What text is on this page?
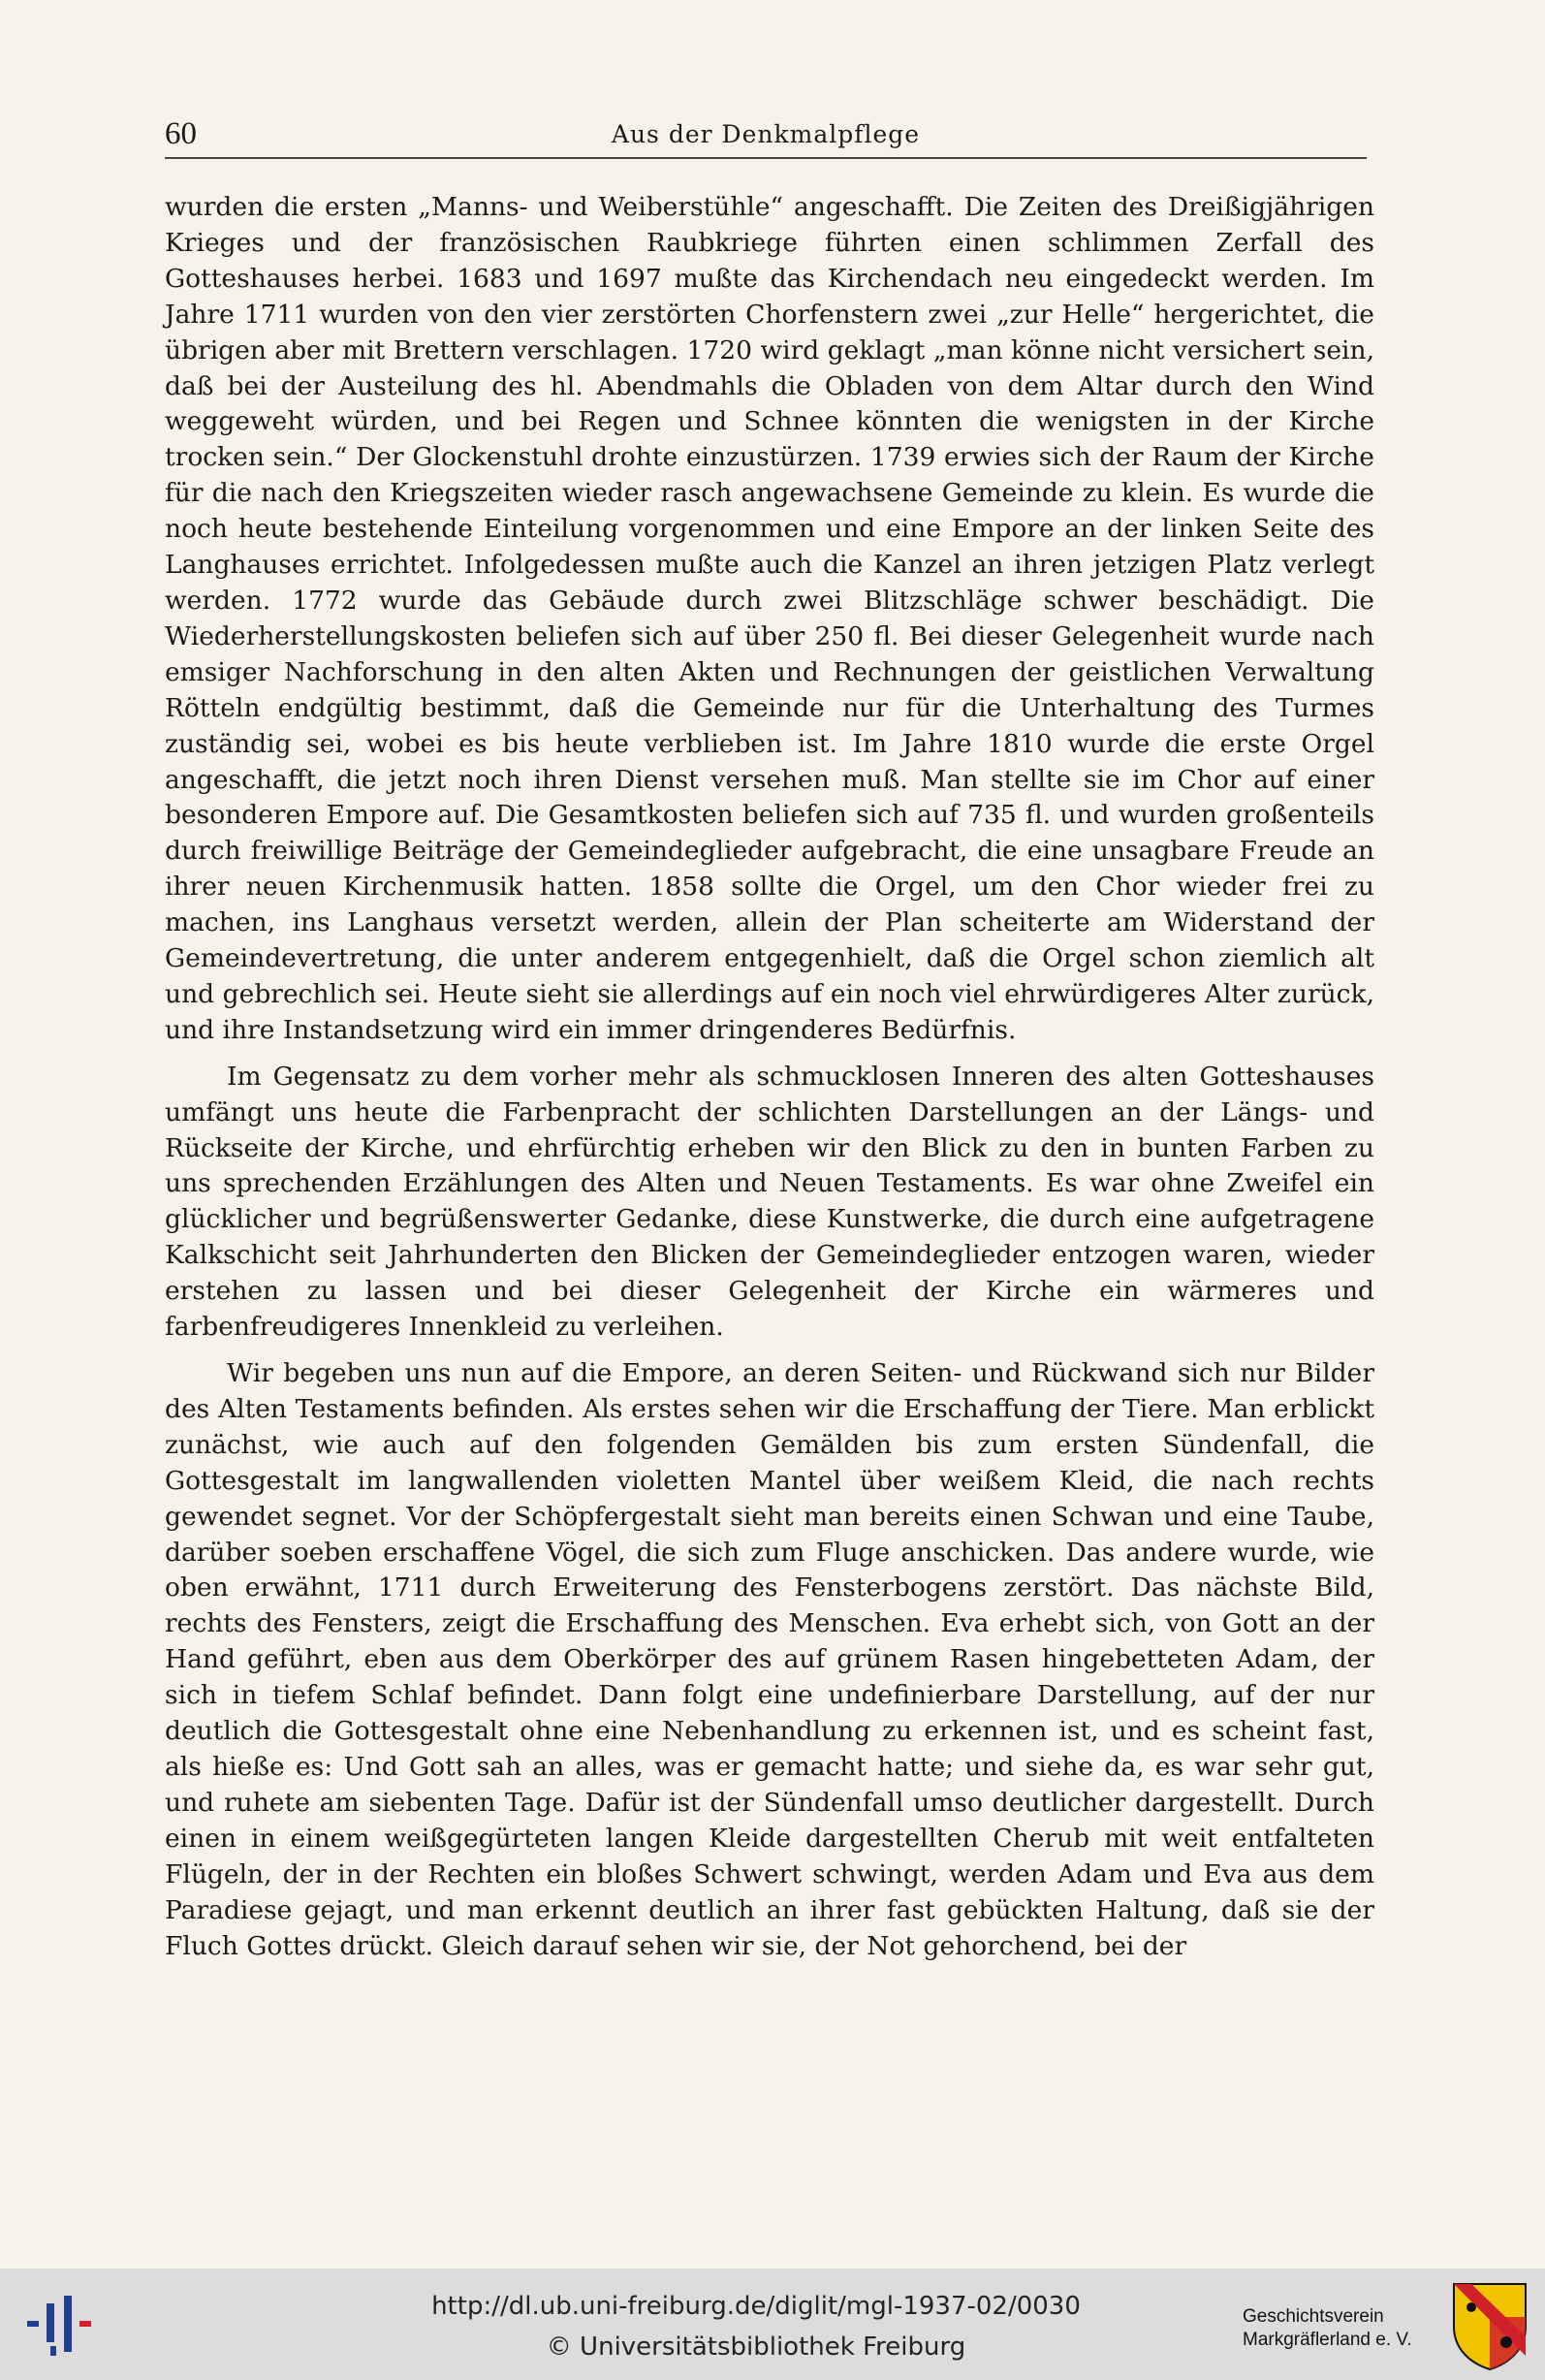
60	Aus der Denkmalpflege

wurden die ersten „Manns- und Weiberstühle“ angeschafft. Die Zeiten des Dreißigjährigen Krieges und der französischen Raubkriege führten einen schlimmen Zerfall des Gotteshauses herbei. 1683 und 1697 mußte das Kirchendach neu eingedeckt werden. Im Jahre 1711 wurden von den vier zerstörten Chorfenstern zwei „zur Helle“ hergerichtet, die übrigen aber mit Brettern verschlagen. 1720 wird geklagt „man könne nicht versichert sein, daß bei der Austeilung des hl. Abendmahls die Obladen von dem Altar durch den Wind weggeweht würden, und bei Regen und Schnee könnten die wenigsten in der Kirche trocken sein.“ Der Glockenstuhl drohte einzustürzen. 1739 erwies sich der Raum der Kirche für die nach den Kriegszeiten wieder rasch angewachsene Gemeinde zu klein. Es wurde die noch heute bestehende Einteilung vorgenommen und eine Empore an der linken Seite des Langhauses errichtet. Infolgedessen mußte auch die Kanzel an ihren jetzigen Platz verlegt werden. 1772 wurde das Gebäude durch zwei Blitzschläge schwer beschädigt. Die Wiederherstellungskosten beliefen sich auf über 250 fl. Bei dieser Gelegenheit wurde nach emsiger Nachforschung in den alten Akten und Rechnungen der geistlichen Verwaltung Rötteln endgültig bestimmt, daß die Gemeinde nur für die Unterhaltung des Turmes zuständig sei, wobei es bis heute verblieben ist. Im Jahre 1810 wurde die erste Orgel angeschafft, die jetzt noch ihren Dienst versehen muß. Man stellte sie im Chor auf einer besonderen Empore auf. Die Gesamtkosten beliefen sich auf 735 fl. und wurden großenteils durch freiwillige Beiträge der Gemeindeglieder aufgebracht, die eine unsagbare Freude an ihrer neuen Kirchenmusik hatten. 1858 sollte die Orgel, um den Chor wieder frei zu machen, ins Langhaus versetzt werden, allein der Plan scheiterte am Widerstand der Gemeindevertretung, die unter anderem entgegenhielt, daß die Orgel schon ziemlich alt und gebrechlich sei. Heute sieht sie allerdings auf ein noch viel ehrwürdigeres Alter zurück, und ihre Instandsetzung wird ein immer dringenderes Bedürfnis.

Im Gegensatz zu dem vorher mehr als schmucklosen Inneren des alten Gotteshauses umfängt uns heute die Farbenpracht der schlichten Darstellungen an der Längs- und Rückseite der Kirche, und ehrfürchtig erheben wir den Blick zu den in bunten Farben zu uns sprechenden Erzählungen des Alten und Neuen Testaments. Es war ohne Zweifel ein glücklicher und begrüßenswerter Gedanke, diese Kunstwerke, die durch eine aufgetragene Kalkschicht seit Jahrhunderten den Blicken der Gemeindeglieder entzogen waren, wieder erstehen zu lassen und bei dieser Gelegenheit der Kirche ein wärmeres und farbenfreudigeres Innenkleid zu verleihen.

Wir begeben uns nun auf die Empore, an deren Seiten- und Rückwand sich nur Bilder des Alten Testaments befinden. Als erstes sehen wir die Erschaffung der Tiere. Man erblickt zunächst, wie auch auf den folgenden Gemälden bis zum ersten Sündenfall, die Gottesgestalt im langwallenden violetten Mantel über weißem Kleid, die nach rechts gewendet segnet. Vor der Schöpfergestalt sieht man bereits einen Schwan und eine Taube, darüber soeben erschaffene Vögel, die sich zum Fluge anschicken. Das andere wurde, wie oben erwähnt, 1711 durch Erweiterung des Fensterbogens zerstört. Das nächste Bild, rechts des Fensters, zeigt die Erschaffung des Menschen. Eva erhebt sich, von Gott an der Hand geführt, eben aus dem Oberkörper des auf grünem Rasen hingebetteten Adam, der sich in tiefem Schlaf befindet. Dann folgt eine undefinierbare Darstellung, auf der nur deutlich die Gottesgestalt ohne eine Nebenhandlung zu erkennen ist, und es scheint fast, als hieße es: Und Gott sah an alles, was er gemacht hatte; und siehe da, es war sehr gut, und ruhete am siebenten Tage. Dafür ist der Sündenfall umso deutlicher dargestellt. Durch einen in einem weißgegürteten langen Kleide dargestellten Cherub mit weit entfalteten Flügeln, der in der Rechten ein bloßes Schwert schwingt, werden Adam und Eva aus dem Paradiese gejagt, und man erkennt deutlich an ihrer fast gebückten Haltung, daß sie der Fluch Gottes drückt. Gleich darauf sehen wir sie, der Not gehorchend, bei der

http://dl.ub.uni-freiburg.de/diglit/mgl-1937-02/0030
© Universitätsbibliothek Freiburg
Geschichtsverein
Markgräflerland e. V.
